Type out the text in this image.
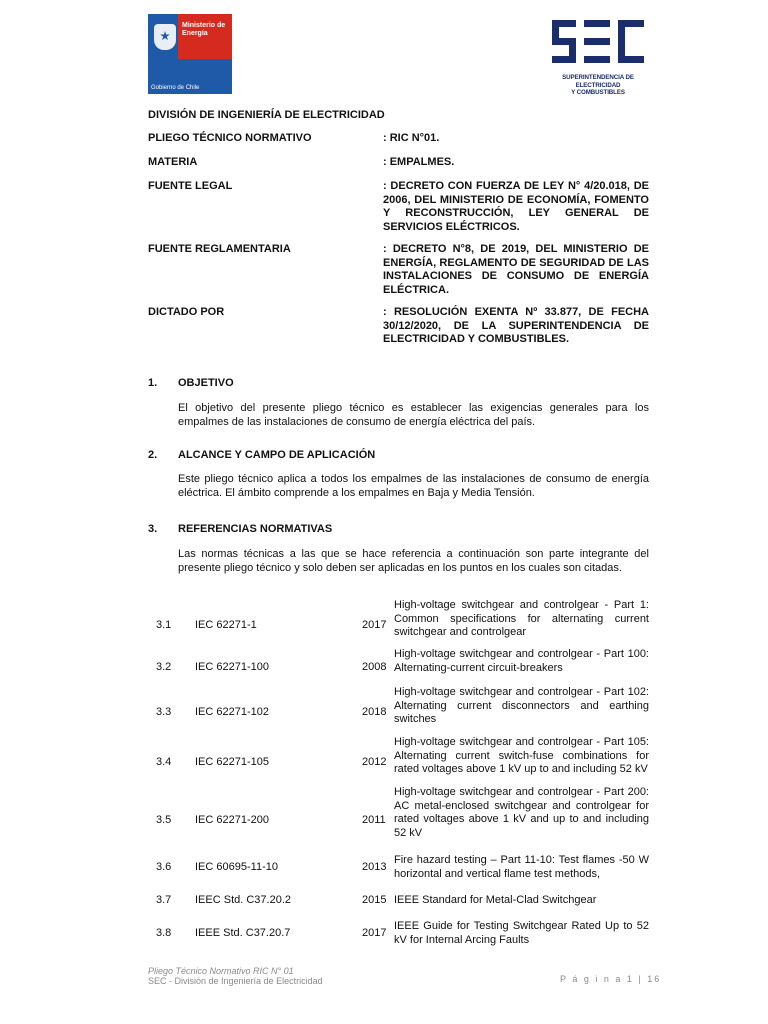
Ministerio de
Energía
Gobierno de Chile
SUPERINTENDENCIA DE ELECTRICIDAD
Y COMBUSTIBLES
DIVISIÓN DE INGENIERÍA DE ELECTRICIDAD
PLIEGO TÉCNICO NORMATIVO	: RIC N°01.
MATERIA	: EMPALMES.
FUENTE LEGAL	: DECRETO CON FUERZA DE LEY N° 4/20.018, DE 2006, DEL MINISTERIO DE ECONOMÍA, FOMENTO Y RECONSTRUCCIÓN, LEY GENERAL DE SERVICIOS ELÉCTRICOS.
FUENTE REGLAMENTARIA	: DECRETO N°8, DE 2019, DEL MINISTERIO DE ENERGÍA, REGLAMENTO DE SEGURIDAD DE LAS INSTALACIONES DE CONSUMO DE ENERGÍA ELÉCTRICA.
DICTADO POR	: RESOLUCIÓN EXENTA Nº 33.877, DE FECHA 30/12/2020, DE LA SUPERINTENDENCIA DE ELECTRICIDAD Y COMBUSTIBLES.
1. OBJETIVO
El objetivo del presente pliego técnico es establecer las exigencias generales para los empalmes de las instalaciones de consumo de energía eléctrica del país.
2. ALCANCE Y CAMPO DE APLICACIÓN
Este pliego técnico aplica a todos los empalmes de las instalaciones de consumo de energía eléctrica. El ámbito comprende a los empalmes en Baja y Media Tensión.
3. REFERENCIAS NORMATIVAS
Las normas técnicas a las que se hace referencia a continuación son parte integrante del presente pliego técnico y solo deben ser aplicadas en los puntos en los cuales son citadas.
3.1 IEC 62271-1	2017
High-voltage switchgear and controlgear - Part 1: Common specifications for alternating current switchgear and controlgear
3.2 IEC 62271-100	2008
High-voltage switchgear and controlgear - Part 100: Alternating-current circuit-breakers
3.3 IEC 62271-102	2018
High-voltage switchgear and controlgear - Part 102: Alternating current disconnectors and earthing switches
3.4 IEC 62271-105	2012
High-voltage switchgear and controlgear - Part 105: Alternating current switch-fuse combinations for rated voltages above 1 kV up to and including 52 kV
3.5 IEC 62271-200	2011
High-voltage switchgear and controlgear - Part 200: AC metal-enclosed switchgear and controlgear for rated voltages above 1 kV and up to and including 52 kV
3.6 IEC 60695-11-10	2013
Fire hazard testing – Part 11-10: Test flames -50 W horizontal and vertical flame test methods,
3.7 IEEC Std. C37.20.2	2015 IEEE Standard for Metal-Clad Switchgear
3.8 IEEE Std. C37.20.7	2017
IEEE Guide for Testing Switchgear Rated Up to 52 kV for Internal Arcing Faults
Pliego Técnico Normativo RIC N° 01
SEC - División de Ingeniería de Electricidad	P á g i n a 1 | 16
